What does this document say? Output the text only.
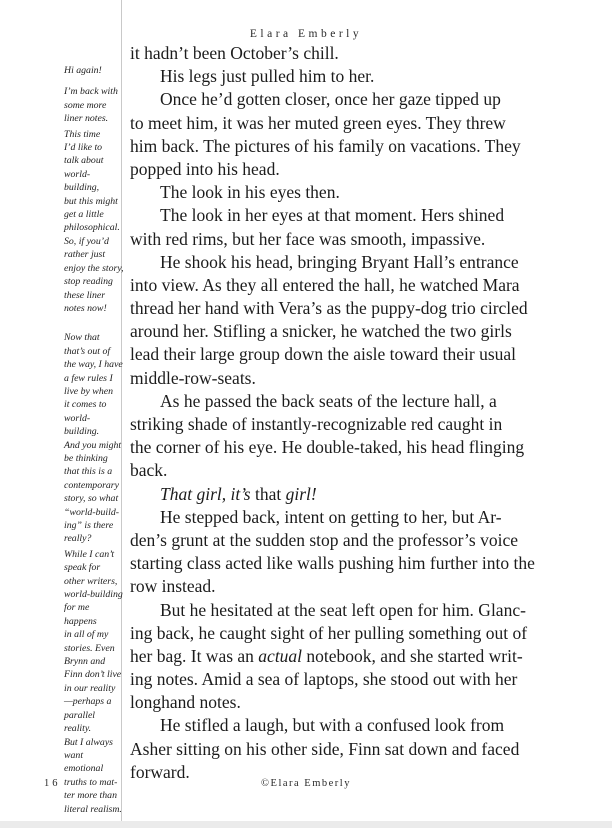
Elara Emberly

Hi again!

I’m back with
some more
liner notes.

This time
I’d like to
talk about
world-building,
but this might
get a little
philosophical.
So, if you’d
rather just
enjoy the story,
stop reading
these liner
notes now!

Now that
that’s out of
the way, I have
a few rules I
live by when
it comes to
world-building.
And you might
be thinking
that this is a
contemporary
story, so what
“world-build-
ing” is there
really?

While I can’t
speak for
other writers,
world-building
for me happens
in all of my
stories. Even
Brynn and
Finn don’t live
in our reality
—perhaps a
parallel reality.
But I always
want emotional
truths to mat-
ter more than
literal realism.

it hadn’t been October’s chill.
His legs just pulled him to her.
Once he’d gotten closer, once her gaze tipped up
to meet him, it was her muted green eyes. They threw
him back. The pictures of his family on vacations. They
popped into his head.
The look in his eyes then.
The look in her eyes at that moment. Hers shined
with red rims, but her face was smooth, impassive.
He shook his head, bringing Bryant Hall’s entrance
into view. As they all entered the hall, he watched Mara
thread her hand with Vera’s as the puppy-dog trio circled
around her. Stifling a snicker, he watched the two girls
lead their large group down the aisle toward their usual
middle-row-seats.
As he passed the back seats of the lecture hall, a
striking shade of instantly-recognizable red caught in
the corner of his eye. He double-taked, his head flinging
back.
That girl, it’s that girl!
He stepped back, intent on getting to her, but Ar-
den’s grunt at the sudden stop and the professor’s voice
starting class acted like walls pushing him further into the
row instead.
But he hesitated at the seat left open for him. Glanc-
ing back, he caught sight of her pulling something out of
her bag. It was an actual notebook, and she started writ-
ing notes. Amid a sea of laptops, she stood out with her
longhand notes.
He stifled a laugh, but with a confused look from
Asher sitting on his other side, Finn sat down and faced
forward.
16	©Elara Emberly
